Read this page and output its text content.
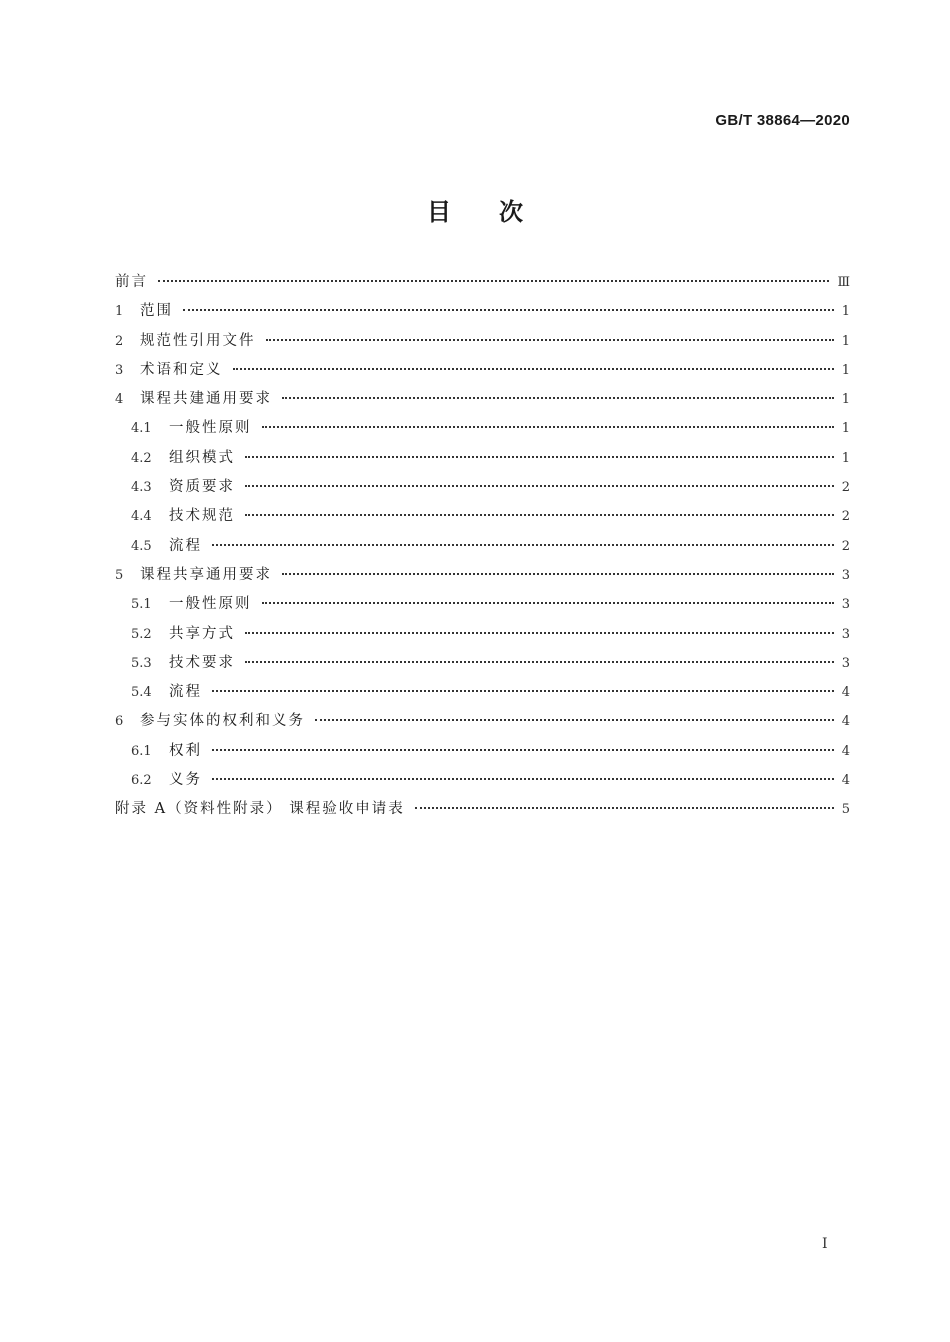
GB/T 38864—2020
目次
前言	Ⅲ
1	范围	1
2	规范性引用文件	1
3	术语和定义	1
4	课程共建通用要求	1
4.1	一般性原则	1
4.2	组织模式	1
4.3	资质要求	2
4.4	技术规范	2
4.5	流程	2
5	课程共享通用要求	3
5.1	一般性原则	3
5.2	共享方式	3
5.3	技术要求	3
5.4	流程	4
6	参与实体的权利和义务	4
6.1	权利	4
6.2	义务	4
附录 A（资料性附录） 课程验收申请表	5
I
